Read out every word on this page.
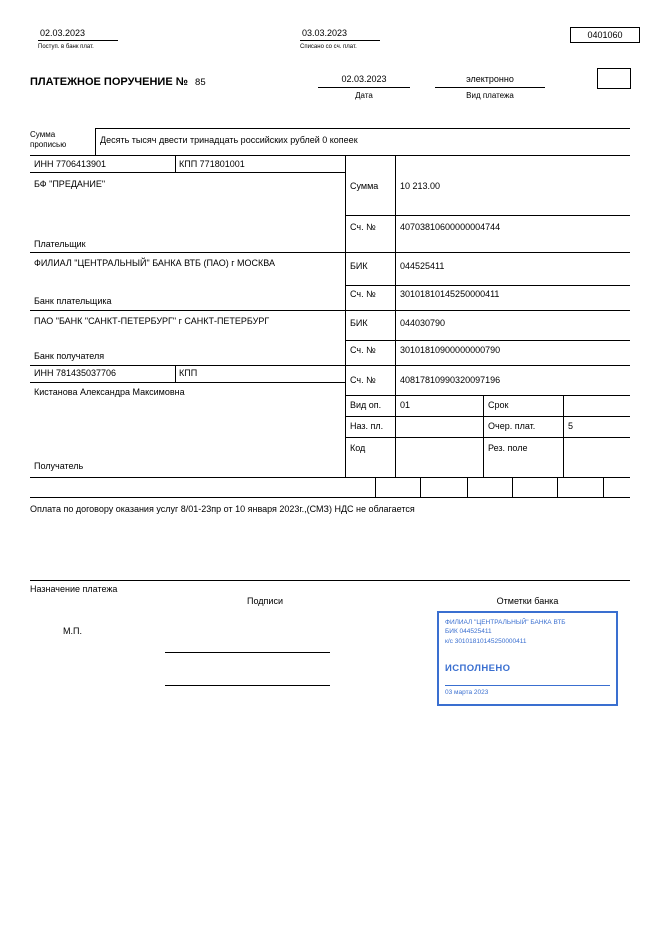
02.03.2023
Поступ. в банк плат.
03.03.2023
Списано со сч. плат.
0401060
ПЛАТЕЖНОЕ ПОРУЧЕНИЕ № 85	02.03.2023
Дата
электронно
Вид платежа
Сумма прописью	Десять тысяч двести тринадцать российских рублей 0 копеек
ИНН 7706413901	КПП 771801001
БФ "ПРЕДАНИЕ"
Плательщик
Сумма 10 213.00
Сч. №	40703810600000004744
ФИЛИАЛ "ЦЕНТРАЛЬНЫЙ" БАНКА ВТБ (ПАО) г МОСКВА
Банк плательщика
БИК	044525411
Сч. №	30101810145250000411
ПАО "БАНК "САНКТ-ПЕТЕРБУРГ" г САНКТ-ПЕТЕРБУРГ
Банк получателя
БИК	044030790
Сч. №	30101810900000000790
ИНН 781435037706	КПП
Кистанова Александра Максимовна
Получатель
Сч. №	40817810990320097196
Вид оп. 01	Срок
Наз. пл.	Очер. плат.	5
Код	Рез. поле
Оплата по договору оказания услуг 8/01-23пр от 10 января 2023г.,(СМЗ) НДС не облагается
Назначение платежа
Подписи	Отметки банка
М.П.
ФИЛИАЛ "ЦЕНТРАЛЬНЫЙ" БАНКА ВТБ
БИК 044525411
к/с 30101810145250000411
ИСПОЛНЕНО
03 марта 2023
